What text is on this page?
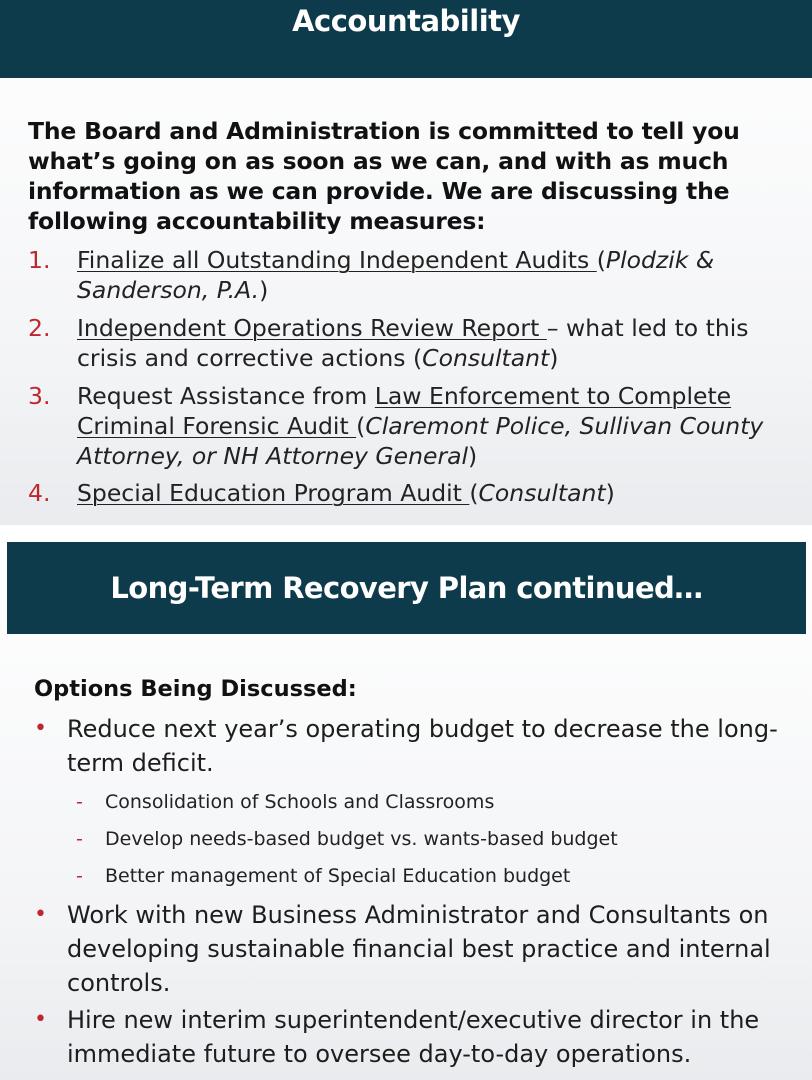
Accountability
The Board and Administration is committed to tell you what’s going on as soon as we can, and with as much information as we can provide. We are discussing the following accountability measures:
1. Finalize all Outstanding Independent Audits (Plodzik & Sanderson, P.A.)
2. Independent Operations Review Report – what led to this crisis and corrective actions (Consultant)
3. Request Assistance from Law Enforcement to Complete Criminal Forensic Audit (Claremont Police, Sullivan County Attorney, or NH Attorney General)
4. Special Education Program Audit (Consultant)
Long-Term Recovery Plan continued…
Options Being Discussed:
• Reduce next year’s operating budget to decrease the long-term deficit.
- Consolidation of Schools and Classrooms
- Develop needs-based budget vs. wants-based budget
- Better management of Special Education budget
• Work with new Business Administrator and Consultants on developing sustainable financial best practice and internal controls.
• Hire new interim superintendent/executive director in the immediate future to oversee day-to-day operations.
